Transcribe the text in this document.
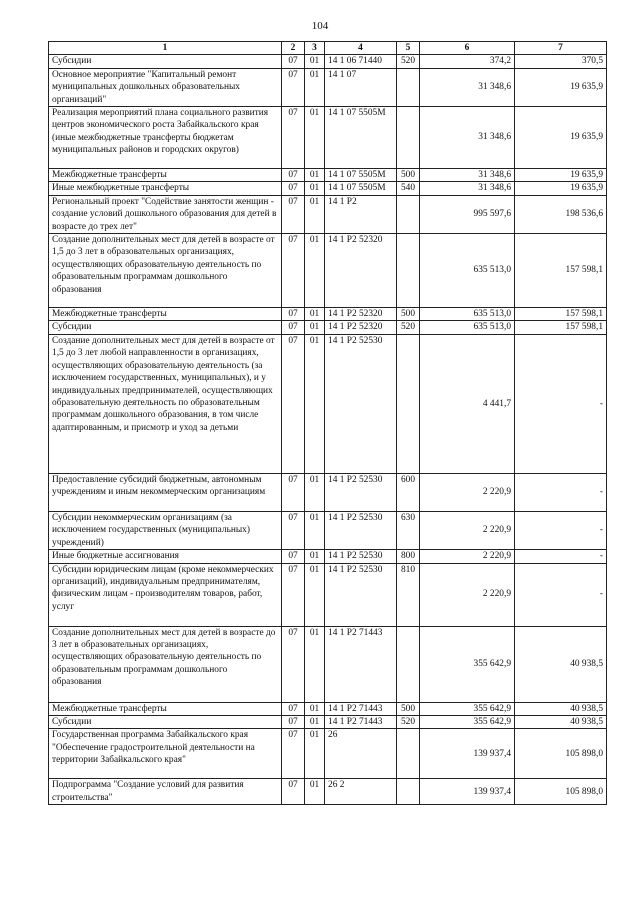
104
1	2	3	4	5	6	7
Субсидии	07	01	14 1 06 71440	520	374,2	370,5
Основное мероприятие "Капитальный ремонт муниципальных дошкольных образовательных организаций"	07	01	14 1 07		31 348,6	19 635,9
Реализация мероприятий плана социального развития центров экономического роста Забайкальского края (иные межбюджетные трансферты бюджетам муниципальных районов и городских округов)	07	01	14 1 07 5505М		31 348,6	19 635,9
Межбюджетные трансферты	07	01	14 1 07 5505М	500	31 348,6	19 635,9
Иные межбюджетные трансферты	07	01	14 1 07 5505М	540	31 348,6	19 635,9
Региональный проект "Содействие занятости женщин - создание условий дошкольного образования для детей в возрасте до трех лет"	07	01	14 1 Р2		995 597,6	198 536,6
Создание дополнительных мест для детей в возрасте от 1,5 до 3 лет в образовательных организациях, осуществляющих образовательную деятельность по образовательным программам дошкольного образования	07	01	14 1 Р2 52320		635 513,0	157 598,1
Межбюджетные трансферты	07	01	14 1 Р2 52320	500	635 513,0	157 598,1
Субсидии	07	01	14 1 Р2 52320	520	635 513,0	157 598,1
Создание дополнительных мест для детей в возрасте от 1,5 до 3 лет любой направленности в организациях, осуществляющих образовательную деятельность (за исключением государственных, муниципальных), и у индивидуальных предпринимателей, осуществляющих образовательную деятельность по образовательным программам дошкольного образования, в том числе адаптированным, и присмотр и уход за детьми	07	01	14 1 Р2 52530		4 441,7	-
Предоставление субсидий бюджетным, автономным учреждениям и иным некоммерческим организациям	07	01	14 1 Р2 52530	600	2 220,9	-
Субсидии некоммерческим организациям (за исключением государственных (муниципальных) учреждений)	07	01	14 1 Р2 52530	630	2 220,9	-
Иные бюджетные ассигнования	07	01	14 1 Р2 52530	800	2 220,9	-
Субсидии юридическим лицам (кроме некоммерческих организаций), индивидуальным предпринимателям, физическим лицам - производителям товаров, работ, услуг	07	01	14 1 Р2 52530	810	2 220,9	-
Создание дополнительных мест для детей в возрасте до 3 лет в образовательных организациях, осуществляющих образовательную деятельность по образовательным программам дошкольного образования	07	01	14 1 Р2 71443		355 642,9	40 938,5
Межбюджетные трансферты	07	01	14 1 Р2 71443	500	355 642,9	40 938,5
Субсидии	07	01	14 1 Р2 71443	520	355 642,9	40 938,5
Государственная программа Забайкальского края "Обеспечение градостроительной деятельности на территории Забайкальского края"	07	01	26		139 937,4	105 898,0
Подпрограмма "Создание условий для развития строительства"	07	01	26 2		139 937,4	105 898,0
